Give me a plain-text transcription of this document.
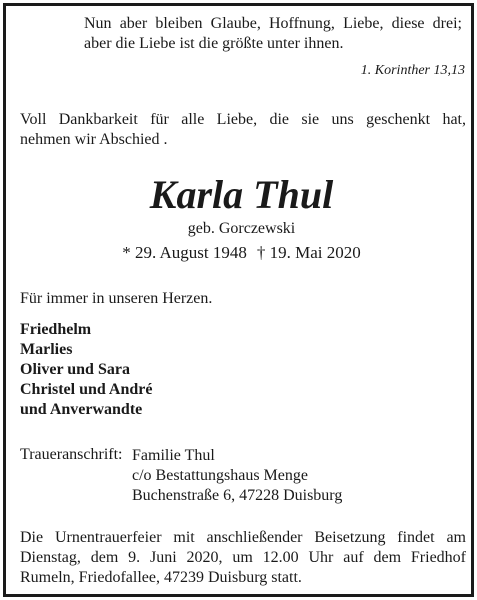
Nun aber bleiben Glaube, Hoffnung, Liebe, diese drei;
aber die Liebe ist die größte unter ihnen.
1. Korinther 13,13
Voll Dankbarkeit für alle Liebe, die sie uns geschenkt hat,
nehmen wir Abschied .
Karla Thul
geb. Gorczewski
* 29. August 1948 † 19. Mai 2020
Für immer in unseren Herzen.
Friedhelm
Marlies
Oliver und Sara
Christel und André
und Anverwandte
Traueranschrift: Familie Thul
c/o Bestattungshaus Menge
Buchenstraße 6, 47228 Duisburg
Die Urnentrauerfeier mit anschließender Beisetzung findet am
Dienstag, dem 9. Juni 2020, um 12.00 Uhr auf dem Friedhof
Rumeln, Friedofallee, 47239 Duisburg statt.
